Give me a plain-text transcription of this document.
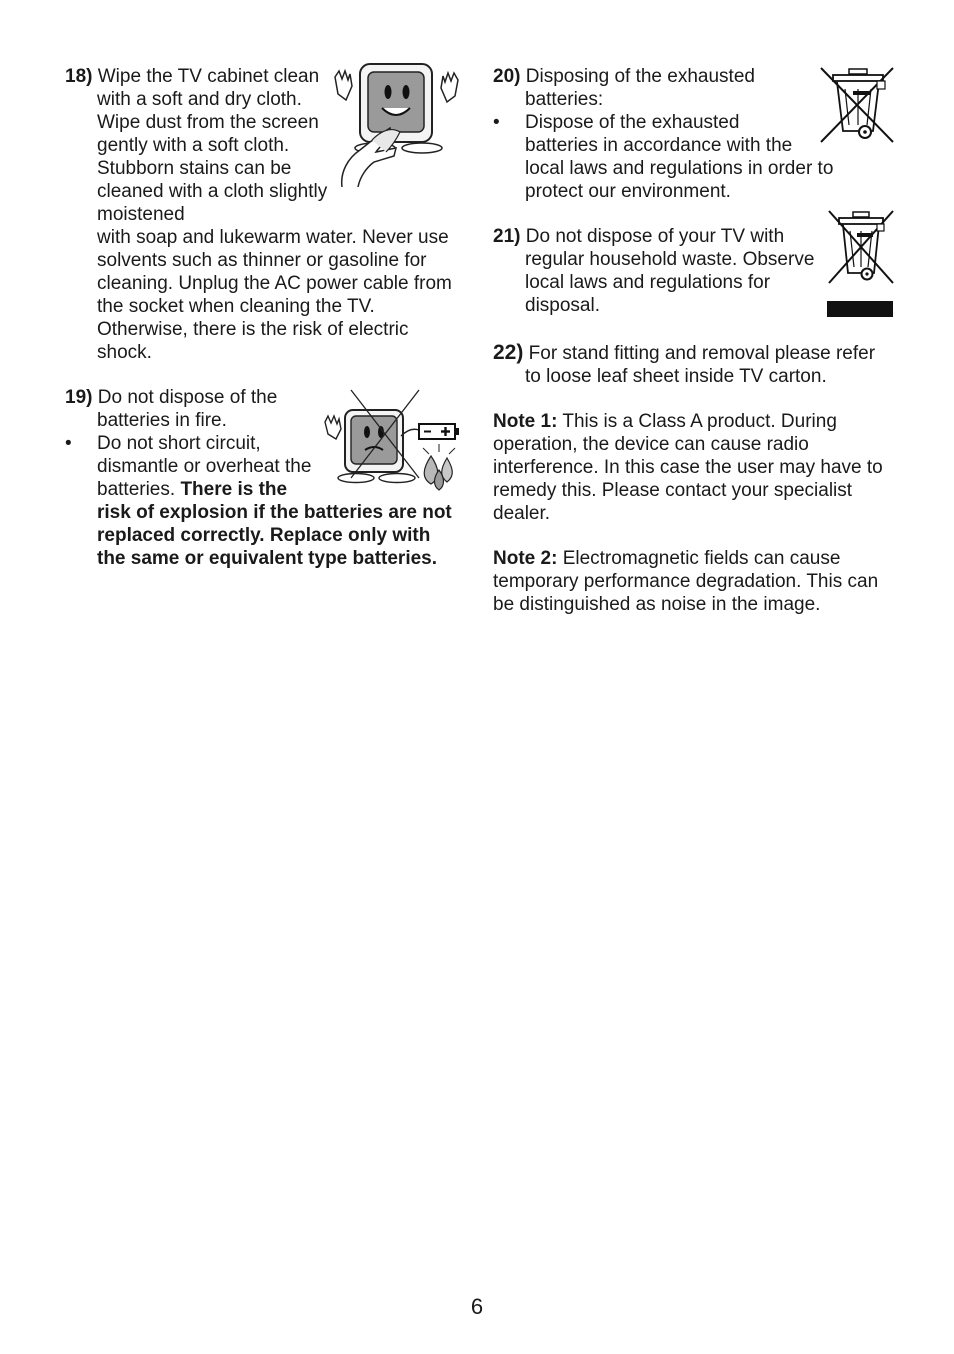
18) Wipe the TV cabinet clean with a soft and dry cloth. Wipe dust from the screen gently with a soft cloth. Stubborn stains can be cleaned with a cloth slightly moistened

with soap and lukewarm water. Never use solvents such as thinner or gasoline for cleaning. Unplug the AC power cable from the socket when cleaning the TV. Otherwise, there is the risk of electric shock.

19) Do not dispose of the batteries in fire.

• Do not short circuit, dismantle or overheat the batteries. There is the risk of explosion if the batteries are not replaced correctly. Replace only with the same or equivalent type batteries.

20) Disposing of the exhausted batteries:

• Dispose of the exhausted batteries in accordance with the local laws and regulations in order to protect our environment.

21) Do not dispose of your TV with regular household waste. Observe local laws and regulations for disposal.

22) For stand fitting and removal please refer to loose leaf sheet inside TV carton.

Note 1: This is a Class A product. During operation, the device can cause radio interference. In this case the user may have to remedy this. Please contact your specialist dealer.

Note 2: Electromagnetic fields can cause temporary performance degradation. This can be distinguished as noise in the image.

6
